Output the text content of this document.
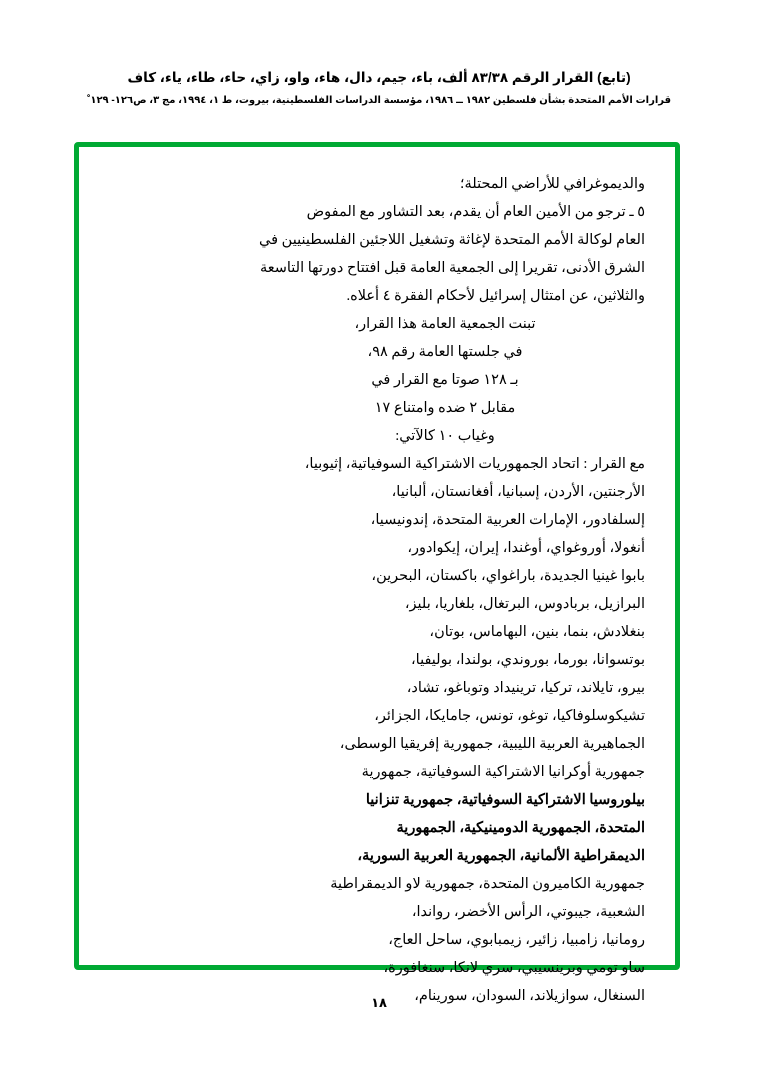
(تابع) القرار الرقم ٨٣/٣٨ ألف، باء، جيم، دال، هاء، واو، زاي، حاء، طاء، ياء، كاف
قرارات الأمم المتحدة بشأن فلسطين ١٩٨٢ ــ ١٩٨٦، مؤسسة الدراسات الفلسطينية، بيروت، ط ١، ١٩٩٤، مج ٣، ص١٢٦- ١٢٩ ْ

والديموغرافي للأراضي المحتلة؛

٥ ـ ترجو من الأمين العام أن يقدم، بعد التشاور مع المفوض

العام لوكالة الأمم المتحدة لإغاثة وتشغيل اللاجئين الفلسطينيين في

الشرق الأدنى، تقريرا إلى الجمعية العامة قبل افتتاح دورتها التاسعة

والثلاثين، عن امتثال إسرائيل لأحكام الفقرة ٤ أعلاه.

تبنت الجمعية العامة هذا القرار،

في جلستها العامة رقم ٩٨،

بـ ١٢٨ صوتا مع القرار في

مقابل ٢ ضده وامتناع ١٧

وغياب ١٠ كالآتي:

مع القرار : اتحاد الجمهوريات الاشتراكية السوفياتية، إثيوبيا،

الأرجنتين، الأردن، إسبانيا، أفغانستان، ألبانيا،

إلسلفادور، الإمارات العربية المتحدة، إندونيسيا،

أنغولا، أوروغواي، أوغندا، إيران، إيكوادور،

بابوا غينيا الجديدة، باراغواي، باكستان، البحرين،

البرازيل، بربادوس، البرتغال، بلغاريا، بليز،

بنغلادش، بنما، بنين، البهاماس، بوتان،

بوتسوانا، بورما، بوروندي، بولندا، بوليفيا،

بيرو، تايلاند، تركيا، ترينيداد وتوباغو، تشاد،

تشيكوسلوفاكيا، توغو، تونس، جامايكا، الجزائر،

الجماهيرية العربية الليبية، جمهورية إفريقيا الوسطى،

جمهورية أوكرانيا الاشتراكية السوفياتية، جمهورية

بيلوروسيا الاشتراكية السوفياتية، جمهورية تنزانيا

المتحدة، الجمهورية الدومينيكية، الجمهورية

الديمقراطية الألمانية، الجمهورية العربية السورية،

جمهورية الكاميرون المتحدة، جمهورية لاو الديمقراطية

الشعبية، جيبوتي، الرأس الأخضر، رواندا،

رومانيا، زامبيا، زائير، زيمبابوي، ساحل العاج،

ساو تومي وبرينسيبي، سري لانكا، سنغافورة،

السنغال، سوازيلاند، السودان، سورينام،

١٨
